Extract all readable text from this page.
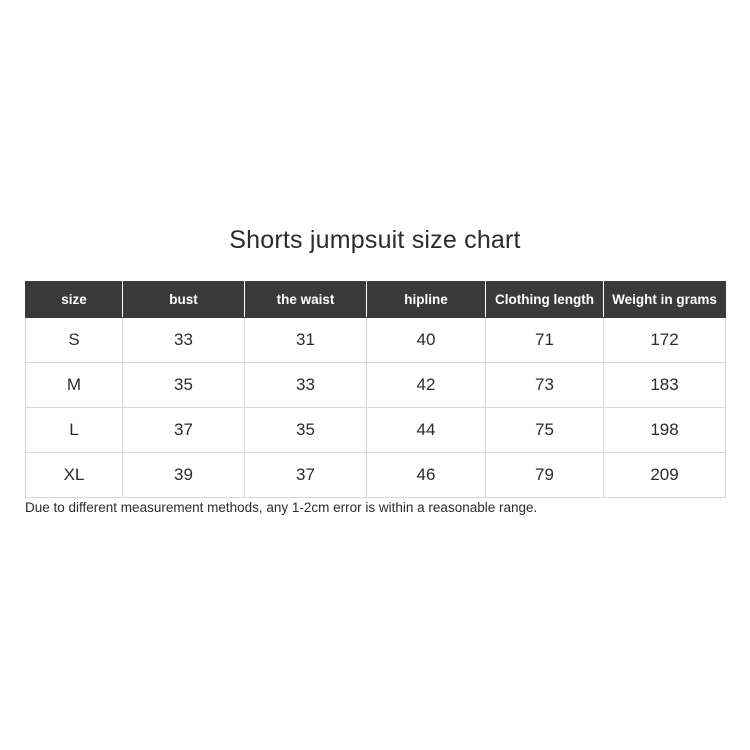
Shorts jumpsuit size chart
size	bust	the waist	hipline	Clothing length	Weight in grams
S	33	31	40	71	172
M	35	33	42	73	183
L	37	35	44	75	198
XL	39	37	46	79	209
Due to different measurement methods, any 1-2cm error is within a reasonable range.
